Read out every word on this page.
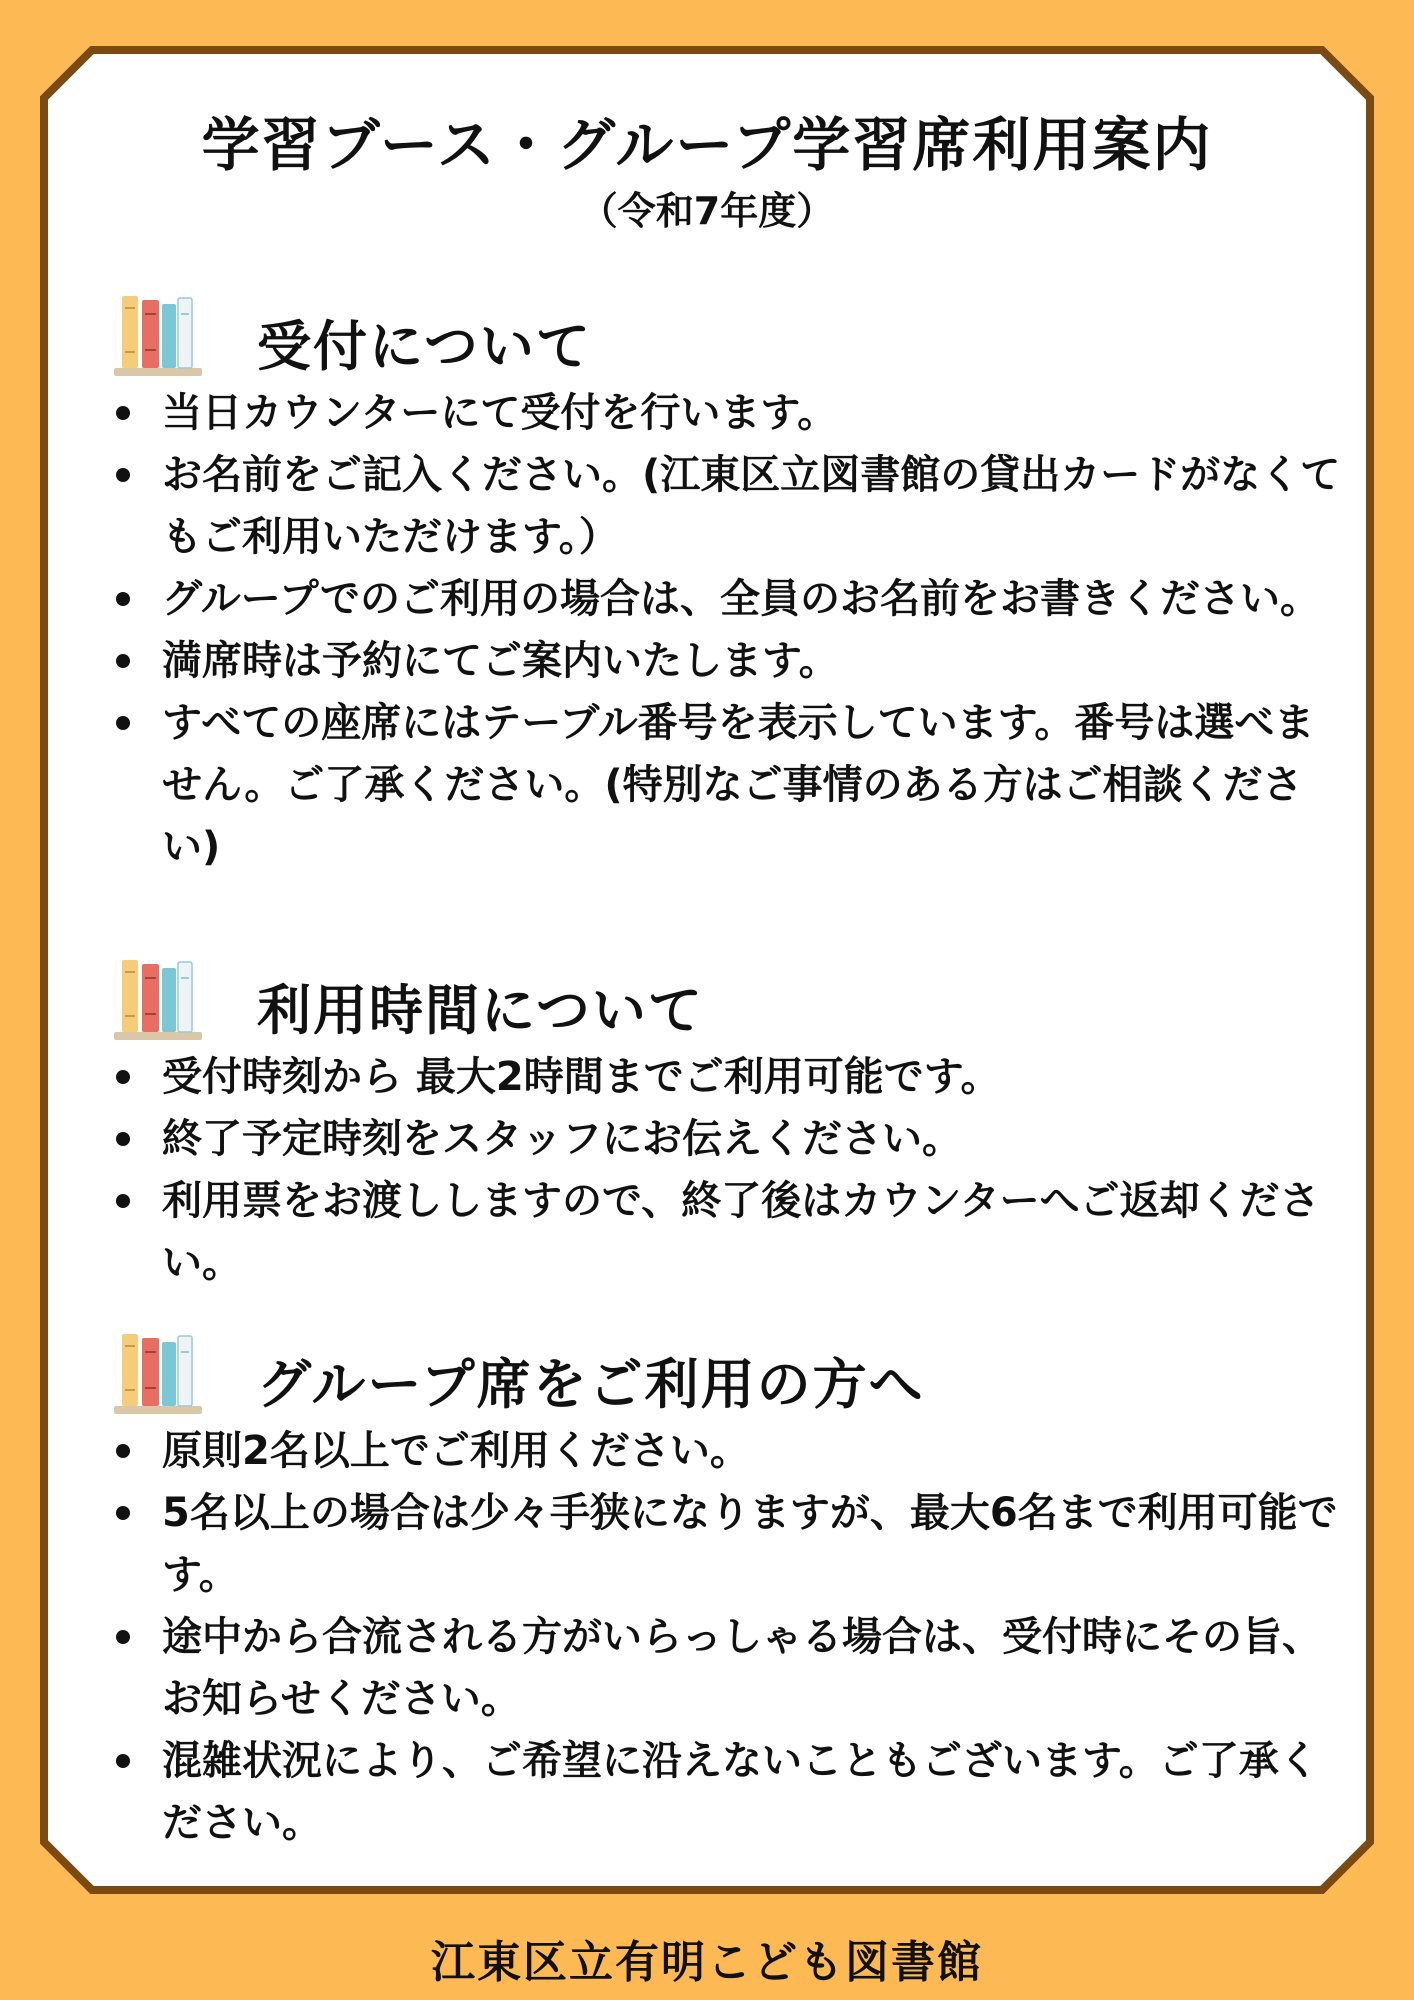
学習ブース・グループ学習席利用案内
（令和7年度）
受付について
当日カウンターにて受付を行います。
お名前をご記入ください。(江東区立図書館の貸出カードがなくてもご利用いただけます。）
グループでのご利用の場合は、全員のお名前をお書きください。
満席時は予約にてご案内いたします。
すべての座席にはテーブル番号を表示しています。番号は選べません。ご了承ください。(特別なご事情のある方はご相談ください)
利用時間について
受付時刻から 最大2時間までご利用可能です。
終了予定時刻をスタッフにお伝えください。
利用票をお渡ししますので、終了後はカウンターへご返却ください。
グループ席をご利用の方へ
原則2名以上でご利用ください。
5名以上の場合は少々手狭になりますが、最大6名まで利用可能です。
途中から合流される方がいらっしゃる場合は、受付時にその旨、お知らせください。
混雑状況により、ご希望に沿えないこともございます。ご了承ください。
江東区立有明こども図書館
